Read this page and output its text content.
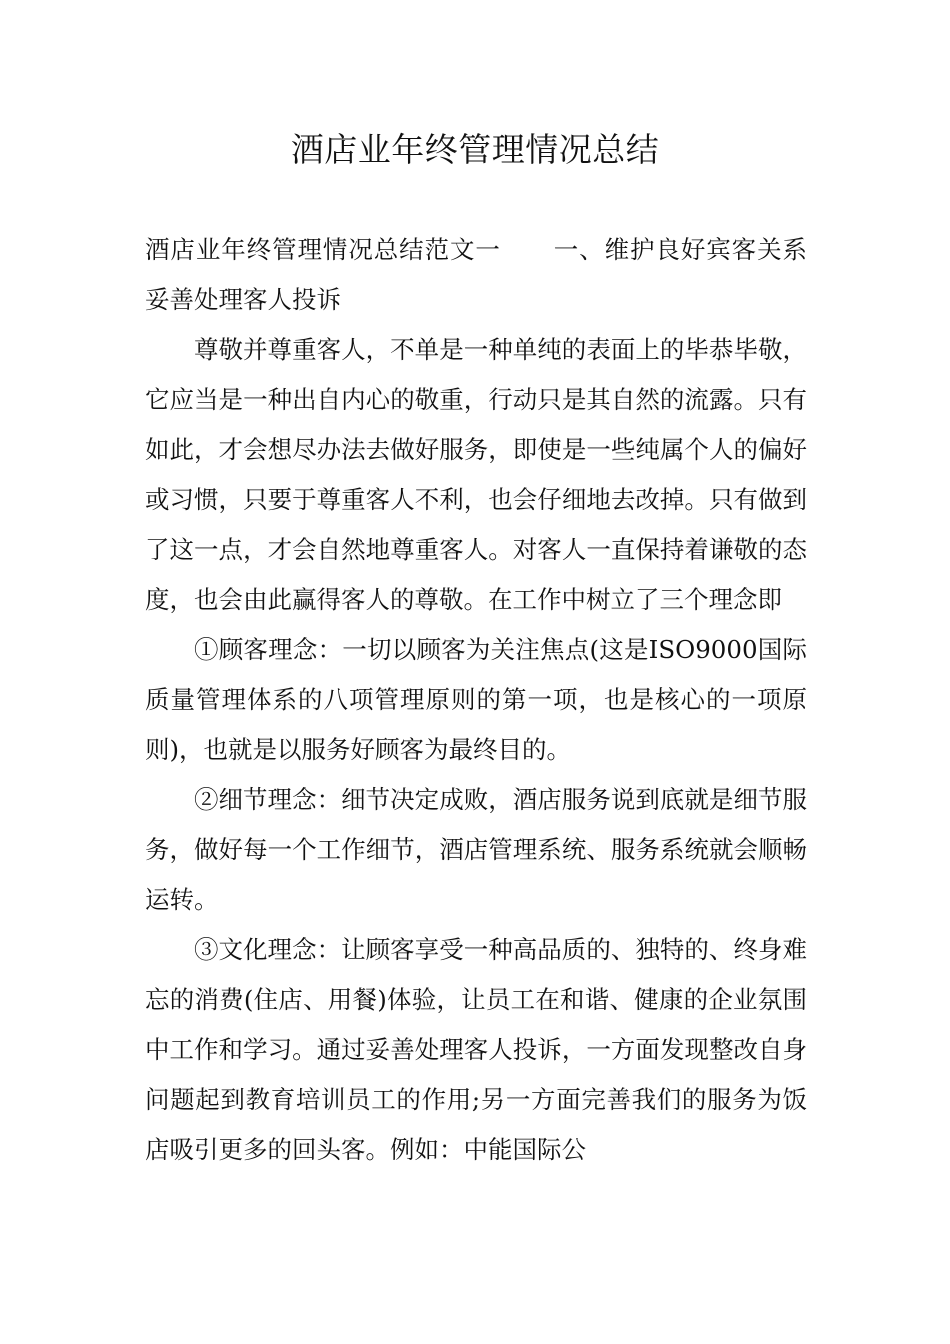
酒店业年终管理情况总结

酒店业年终管理情况总结范文一 一、维护良好宾客关系妥善处理客人投诉

尊敬并尊重客人，不单是一种单纯的表面上的毕恭毕敬，它应当是一种出自内心的敬重，行动只是其自然的流露。只有如此，才会想尽办法去做好服务，即使是一些纯属个人的偏好或习惯，只要于尊重客人不利，也会仔细地去改掉。只有做到了这一点，才会自然地尊重客人。对客人一直保持着谦敬的态度，也会由此赢得客人的尊敬。在工作中树立了三个理念即

①顾客理念：一切以顾客为关注焦点(这是ISO9000国际质量管理体系的八项管理原则的第一项，也是核心的一项原则)，也就是以服务好顾客为最终目的。

②细节理念：细节决定成败，酒店服务说到底就是细节服务，做好每一个工作细节，酒店管理系统、服务系统就会顺畅运转。

③文化理念：让顾客享受一种高品质的、独特的、终身难忘的消费(住店、用餐)体验，让员工在和谐、健康的企业氛围中工作和学习。通过妥善处理客人投诉，一方面发现整改自身问题起到教育培训员工的作用;另一方面完善我们的服务为饭店吸引更多的回头客。例如：中能国际公
